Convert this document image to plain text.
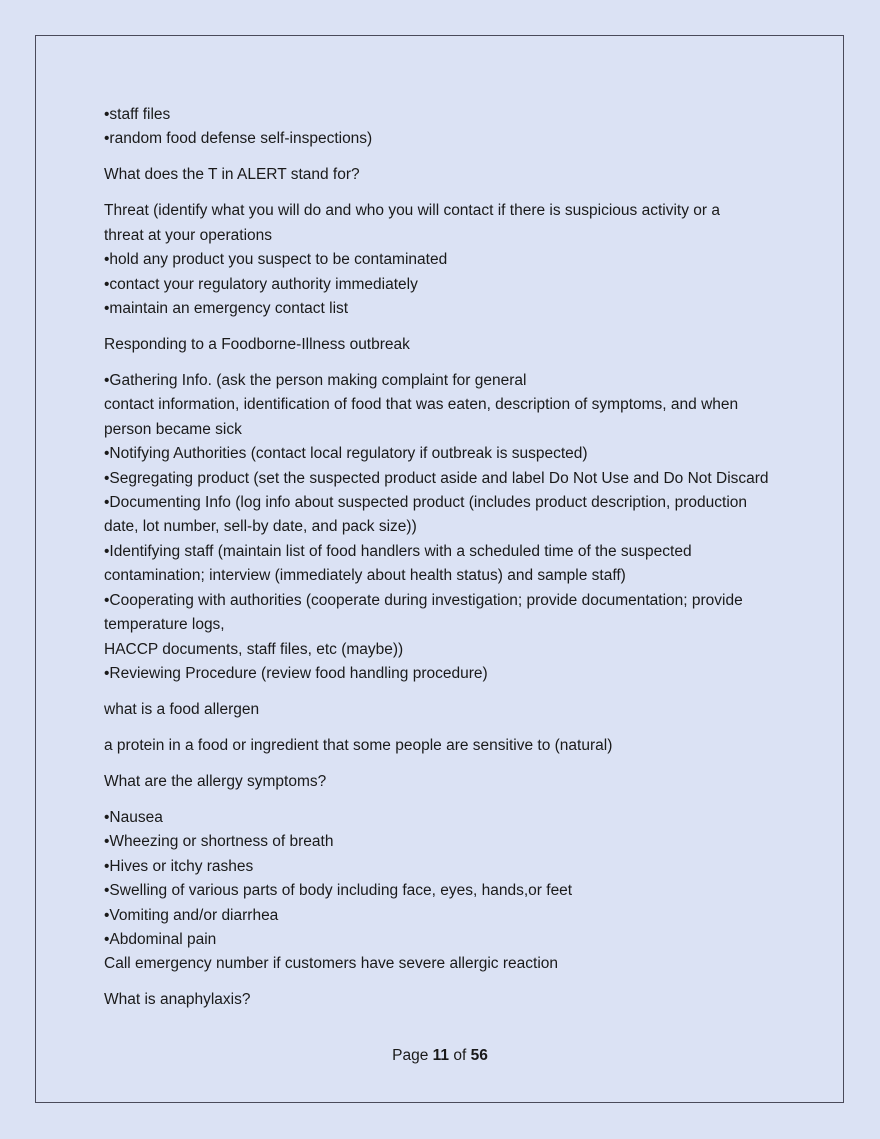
•staff files
•random food defense self-inspections)
What does the T in ALERT stand for?
Threat (identify what you will do and who you will contact if there is suspicious activity or a
threat at your operations
•hold any product you suspect to be contaminated
•contact your regulatory authority immediately
•maintain an emergency contact list
Responding to a Foodborne-Illness outbreak
•Gathering Info. (ask the person making complaint for general
contact information, identification of food that was eaten, description of symptoms, and when
person became sick
•Notifying Authorities (contact local regulatory if outbreak is suspected)
•Segregating product (set the suspected product aside and label Do Not Use and Do Not Discard
•Documenting Info (log info about suspected product (includes product description, production
date, lot number, sell-by date, and pack size))
•Identifying staff (maintain list of food handlers with a scheduled time of the suspected
contamination; interview (immediately about health status) and sample staff)
•Cooperating with authorities (cooperate during investigation; provide documentation; provide
temperature logs,
HACCP documents, staff files, etc (maybe))
•Reviewing Procedure (review food handling procedure)
what is a food allergen
a protein in a food or ingredient that some people are sensitive to (natural)
What are the allergy symptoms?
•Nausea
•Wheezing or shortness of breath
•Hives or itchy rashes
•Swelling of various parts of body including face, eyes, hands,or feet
•Vomiting and/or diarrhea
•Abdominal pain
Call emergency number if customers have severe allergic reaction
What is anaphylaxis?
Page 11 of 56
